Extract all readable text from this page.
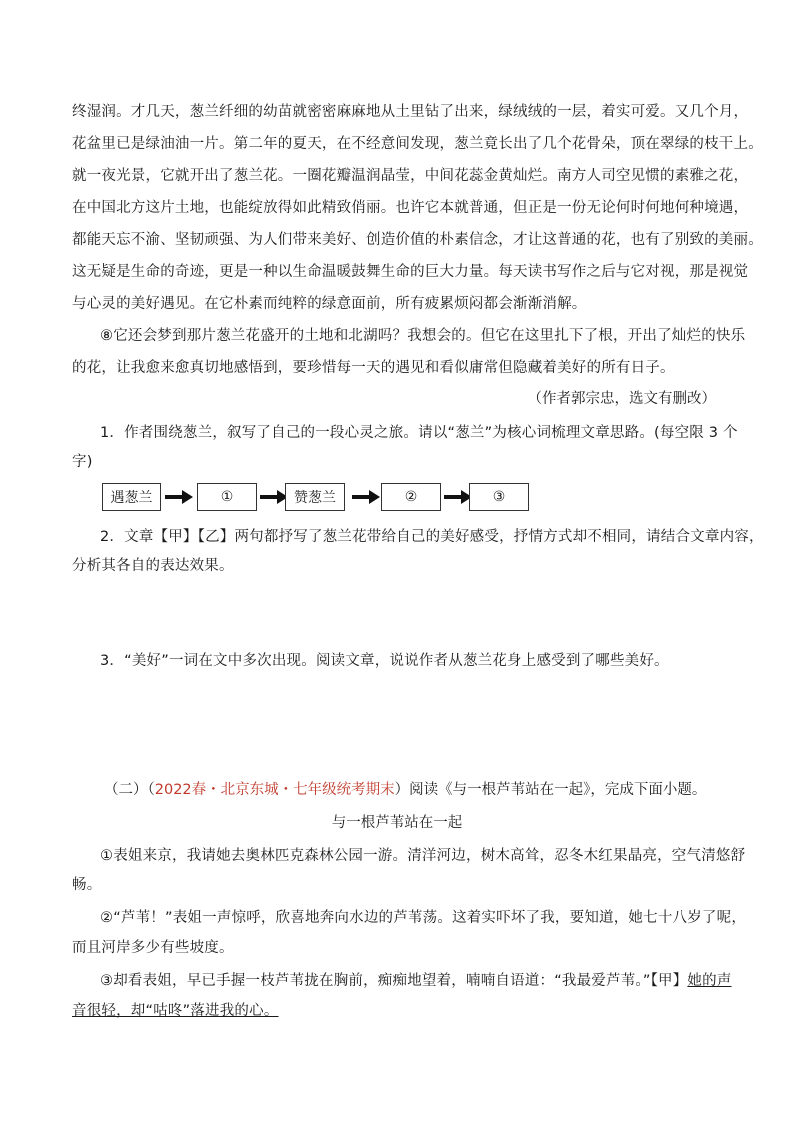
终湿润。才几天，葱兰纤细的幼苗就密密麻麻地从土里钻了出来，绿绒绒的一层，着实可爱。又几个月，
花盆里已是绿油油一片。第二年的夏天，在不经意间发现，葱兰竟长出了几个花骨朵，顶在翠绿的枝干上。
就一夜光景，它就开出了葱兰花。一圈花瓣温润晶莹，中间花蕊金黄灿烂。南方人司空见惯的素雅之花，
在中国北方这片土地，也能绽放得如此精致俏丽。也许它本就普通，但正是一份无论何时何地何种境遇，
都能天忘不渝、坚韧顽强、为人们带来美好、创造价值的朴素信念，才让这普通的花，也有了别致的美丽。
这无疑是生命的奇迹，更是一种以生命温暖鼓舞生命的巨大力量。每天读书写作之后与它对视，那是视觉
与心灵的美好遇见。在它朴素而纯粹的绿意面前，所有疲累烦闷都会渐渐消解。
⑧它还会梦到那片葱兰花盛开的土地和北湖吗？我想会的。但它在这里扎下了根，开出了灿烂的快乐
的花，让我愈来愈真切地感悟到，要珍惜每一天的遇见和看似庸常但隐藏着美好的所有日子。
（作者郭宗忠，选文有删改）
1．作者围绕葱兰，叙写了自己的一段心灵之旅。请以“葱兰”为核心词梳理文章思路。(每空限 3 个
字)
遇葱兰	①	赞葱兰	②	③
2．文章【甲】【乙】两句都抒写了葱兰花带给自己的美好感受，抒情方式却不相同，请结合文章内容，
分析其各自的表达效果。
3．“美好”一词在文中多次出现。阅读文章，说说作者从葱兰花身上感受到了哪些美好。
（二）（2022春・北京东城・七年级统考期末）阅读《与一根芦苇站在一起》，完成下面小题。
与一根芦苇站在一起
①表姐来京，我请她去奥林匹克森林公园一游。清洋河边，树木高耸，忍冬木红果晶亮，空气清悠舒
畅。
②“芦苇！”表姐一声惊呼，欣喜地奔向水边的芦苇荡。这着实吓坏了我，要知道，她七十八岁了呢，
而且河岸多少有些坡度。
③却看表姐，早已手握一枝芦苇拢在胸前，痴痴地望着，喃喃自语道：“我最爱芦苇。”【甲】她的声
音很轻，却“咕咚”落进我的心。
